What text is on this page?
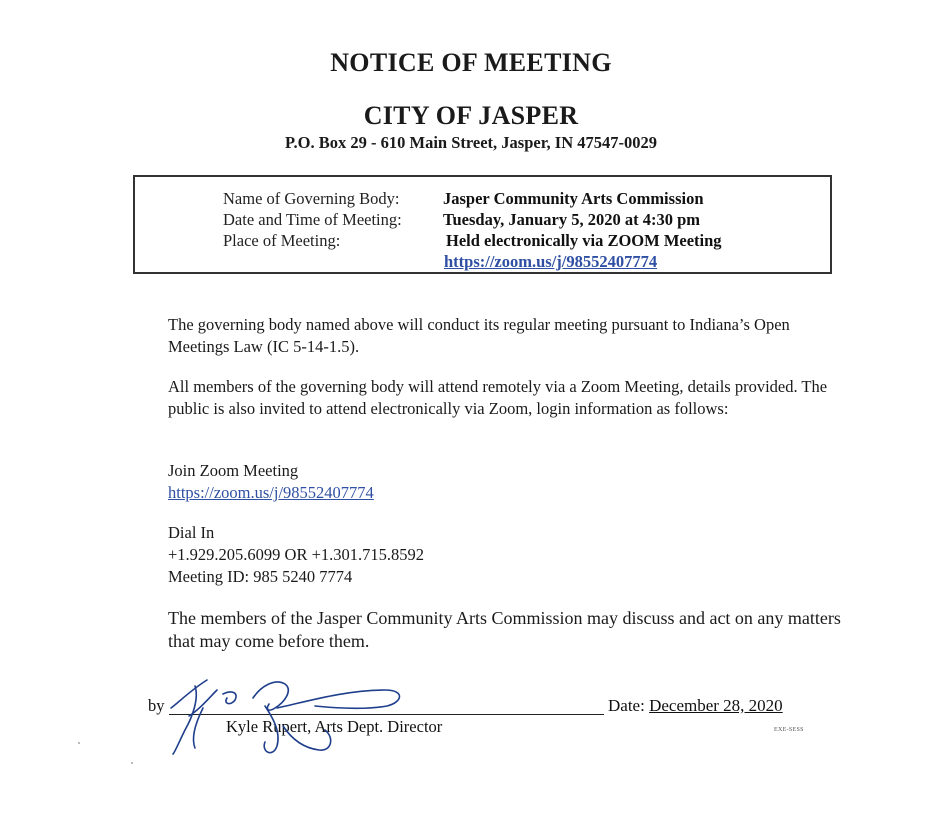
NOTICE OF MEETING
CITY OF JASPER
P.O. Box 29 - 610 Main Street, Jasper, IN 47547-0029
Name of Governing Body:	Jasper Community Arts Commission
Date and Time of Meeting:	Tuesday, January 5, 2020 at 4:30 pm
Place of Meeting:	Held electronically via ZOOM Meeting
https://zoom.us/j/98552407774
The governing body named above will conduct its regular meeting pursuant to Indiana’s Open Meetings Law (IC 5-14-1.5).
All members of the governing body will attend remotely via a Zoom Meeting, details provided. The public is also invited to attend electronically via Zoom, login information as follows:
Join Zoom Meeting
https://zoom.us/j/98552407774
Dial In
+1.929.205.6099 OR +1.301.715.8592
Meeting ID: 985 5240 7774
The members of the Jasper Community Arts Commission may discuss and act on any matters that may come before them.
by
Kyle Rupert, Arts Dept. Director
Date: December 28, 2020
EXE-SESS
